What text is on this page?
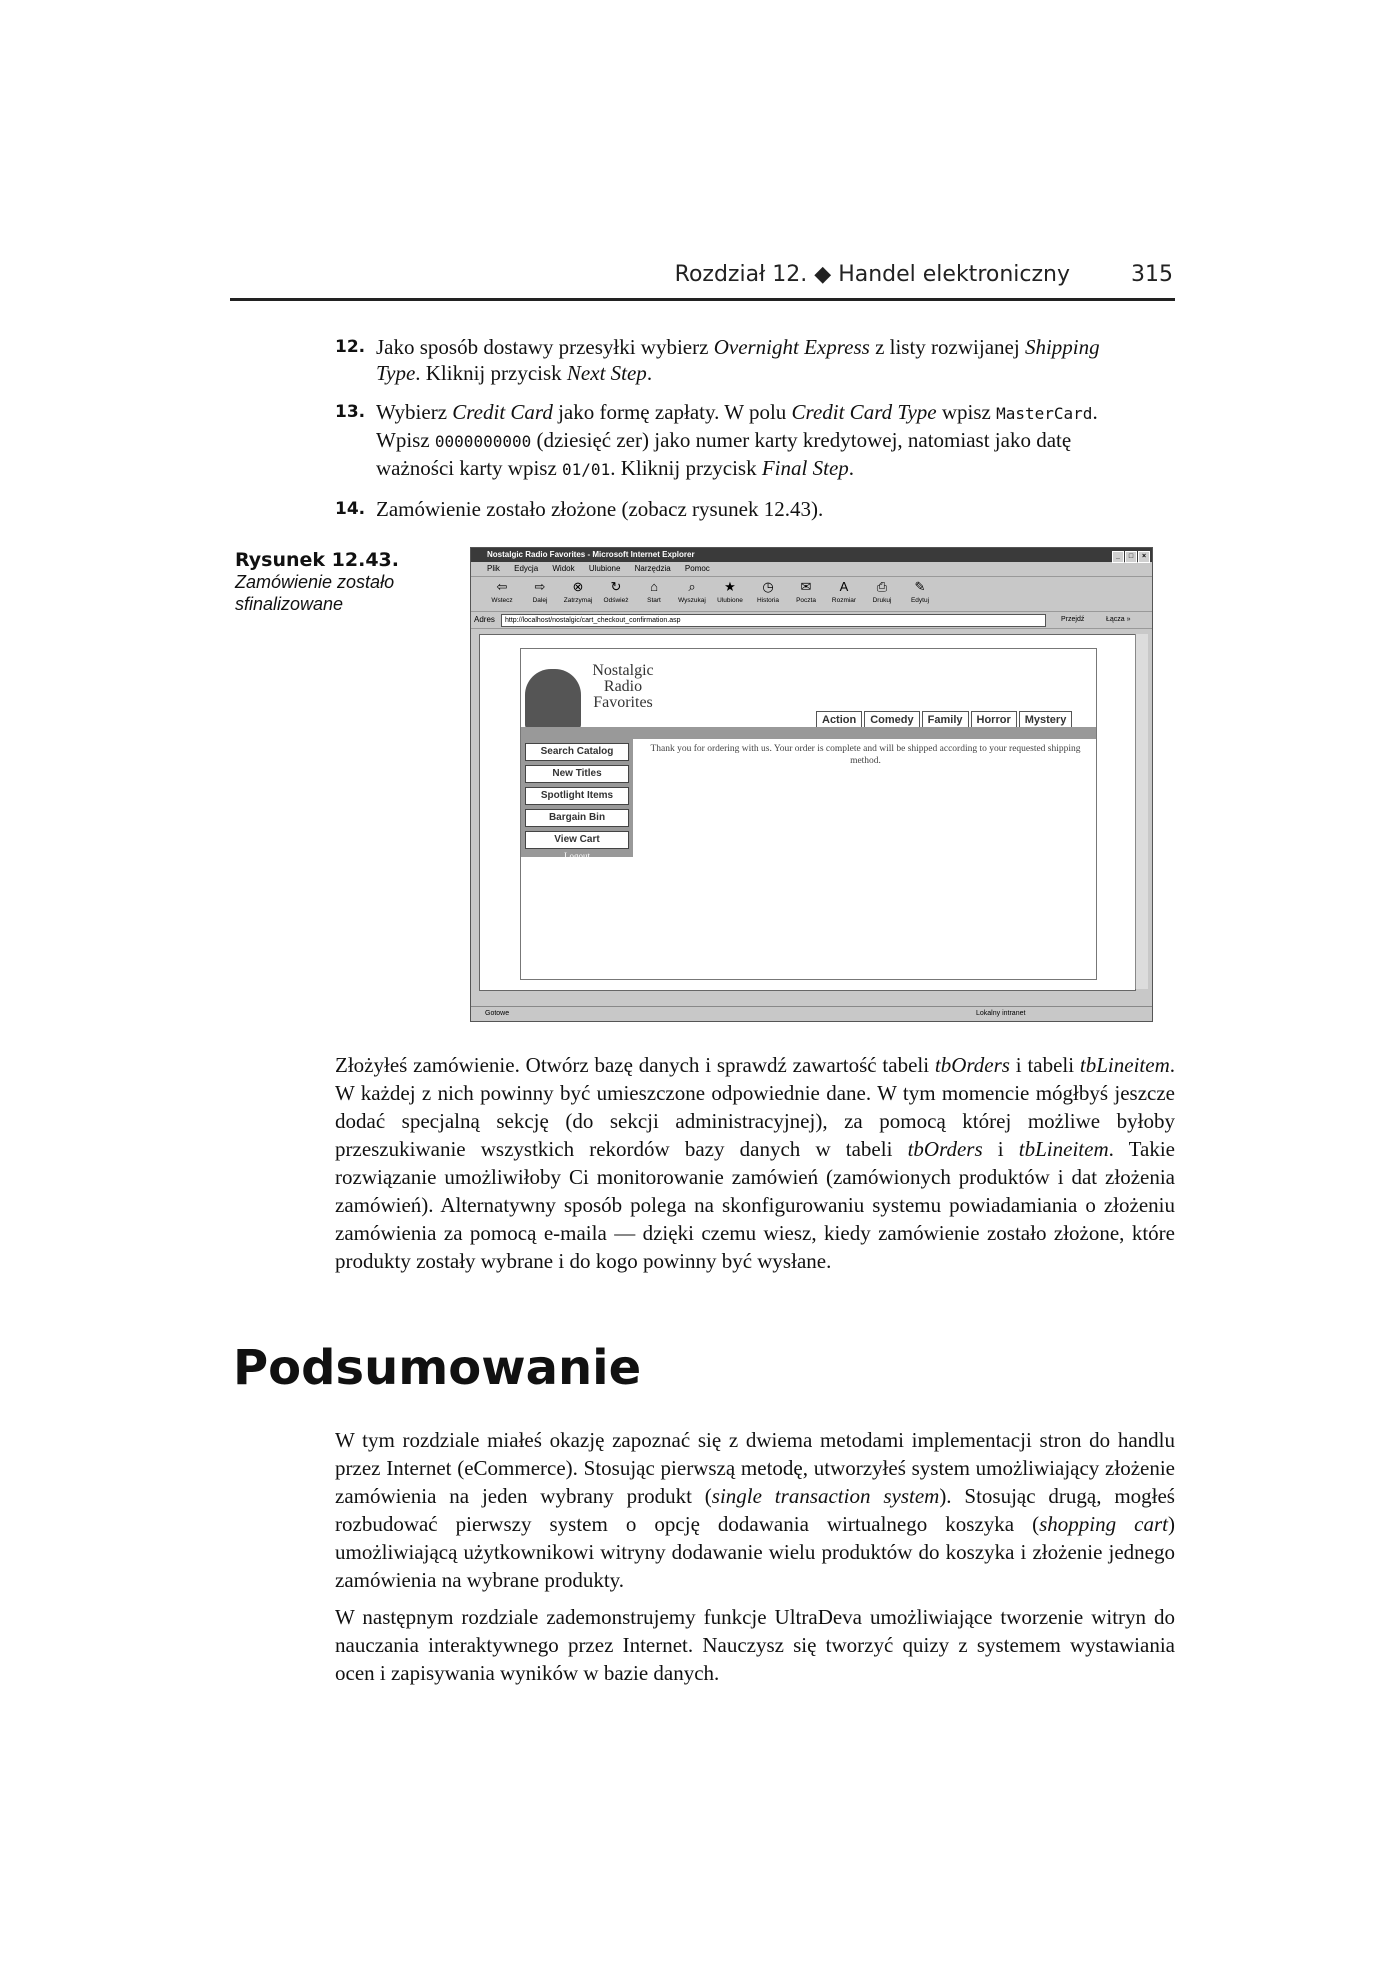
Rozdział 12. ◆ Handel elektroniczny	315
12. Jako sposób dostawy przesyłki wybierz Overnight Express z listy rozwijanej Shipping Type. Kliknij przycisk Next Step.
13. Wybierz Credit Card jako formę zapłaty. W polu Credit Card Type wpisz MasterCard. Wpisz 0000000000 (dziesięć zer) jako numer karty kredytowej, natomiast jako datę ważności karty wpisz 01/01. Kliknij przycisk Final Step.
14. Zamówienie zostało złożone (zobacz rysunek 12.43).
Rysunek 12.43.
Zamówienie zostało sfinalizowane
Nostalgic Radio Favorites - Microsoft Internet Explorer	_ □ ×
Plik Edycja Widok Ulubione Narzędzia Pomoc
⇦
Wstecz
⇨
Dalej
⊗
Zatrzymaj
↻
Odśwież
⌂
Start
⌕
Wyszukaj
★
Ulubione
◷
Historia
✉
Poczta
A
Rozmiar
⎙
Drukuj
✎
Edytuj
Adres	http://localhost/nostalgic/cart_checkout_confirmation.asp	Przejdź	Łącza »
Nostalgic
Radio
Favorites
Action	Comedy	Family	Horror	Mystery
Search Catalog
New Titles
Spotlight Items
Bargain Bin
View Cart
Logout
Thank you for ordering with us. Your order is complete and will be shipped according to your requested shipping method.
Gotowe	Lokalny intranet
Złożyłeś zamówienie. Otwórz bazę danych i sprawdź zawartość tabeli tbOrders i tabeli tbLineitem. W każdej z nich powinny być umieszczone odpowiednie dane. W tym momencie mógłbyś jeszcze dodać specjalną sekcję (do sekcji administracyjnej), za pomocą której możliwe byłoby przeszukiwanie wszystkich rekordów bazy danych w tabeli tbOrders i tbLineitem. Takie rozwiązanie umożliwiłoby Ci monitorowanie zamówień (zamówionych produktów i dat złożenia zamówień). Alternatywny sposób polega na skonfigurowaniu systemu powiadamiania o złożeniu zamówienia za pomocą e-maila — dzięki czemu wiesz, kiedy zamówienie zostało złożone, które produkty zostały wybrane i do kogo powinny być wysłane.
Podsumowanie
W tym rozdziale miałeś okazję zapoznać się z dwiema metodami implementacji stron do handlu przez Internet (eCommerce). Stosując pierwszą metodę, utworzyłeś system umożliwiający złożenie zamówienia na jeden wybrany produkt (single transaction system). Stosując drugą, mogłeś rozbudować pierwszy system o opcję dodawania wirtualnego koszyka (shopping cart) umożliwiającą użytkownikowi witryny dodawanie wielu produktów do koszyka i złożenie jednego zamówienia na wybrane produkty.
W następnym rozdziale zademonstrujemy funkcje UltraDeva umożliwiające tworzenie witryn do nauczania interaktywnego przez Internet. Nauczysz się tworzyć quizy z systemem wystawiania ocen i zapisywania wyników w bazie danych.
